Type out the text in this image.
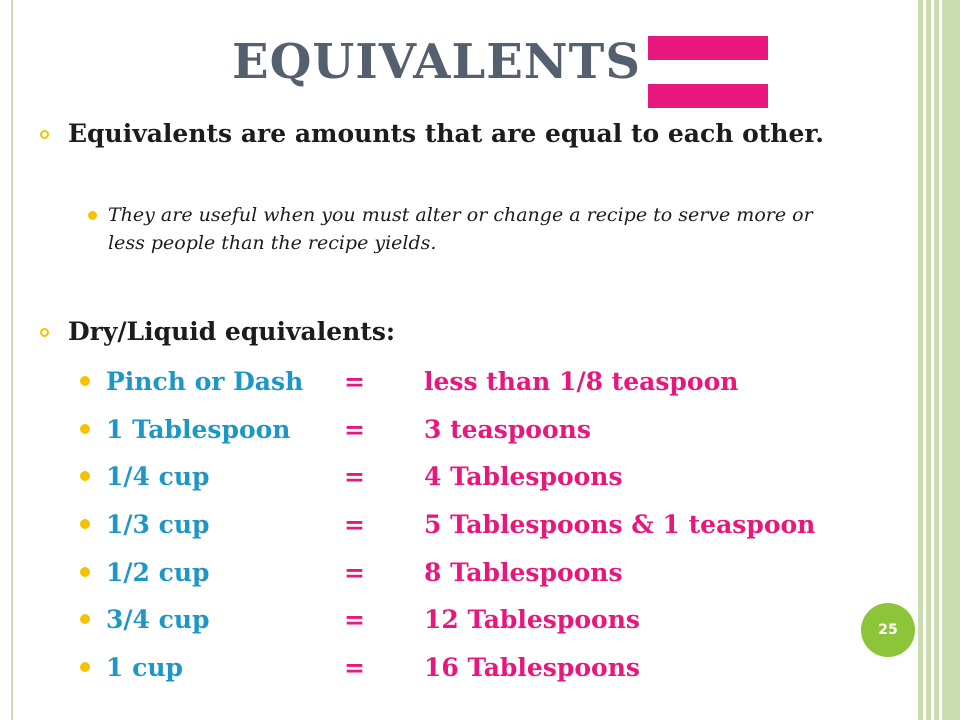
EQUIVALENTS
Equivalents are amounts that are equal to each other.
They are useful when you must alter or change a recipe to serve more or less people than the recipe yields.
Dry/Liquid equivalents:
Pinch or Dash = less than 1/8 teaspoon
1 Tablespoon = 3 teaspoons
1/4 cup	= 4 Tablespoons
1/3 cup	= 5 Tablespoons & 1 teaspoon
1/2 cup	= 8 Tablespoons
3/4 cup	= 12 Tablespoons
1 cup	= 16 Tablespoons
25
